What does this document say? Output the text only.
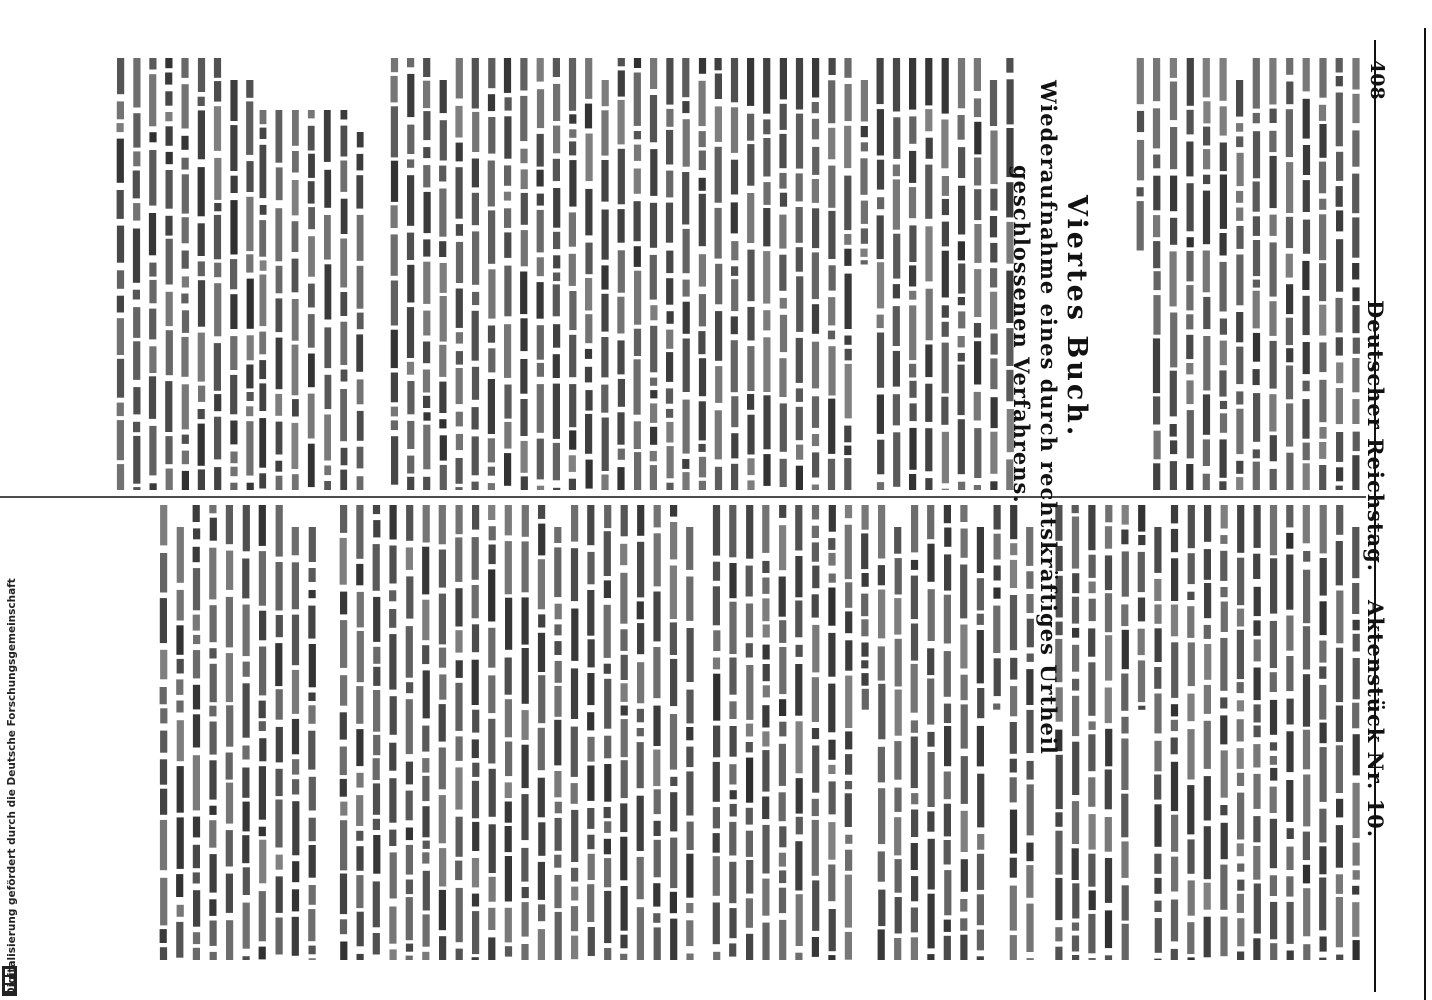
408
Deutscher Reichstag.
Aktenstück Nr. 10.
Viertes Buch.
Wiederaufnahme eines durch rechtskräftiges Urtheil
geschlossenen Verfahrens.
Digitalisierung gefördert durch die Deutsche Forschungsgemeinschaft
